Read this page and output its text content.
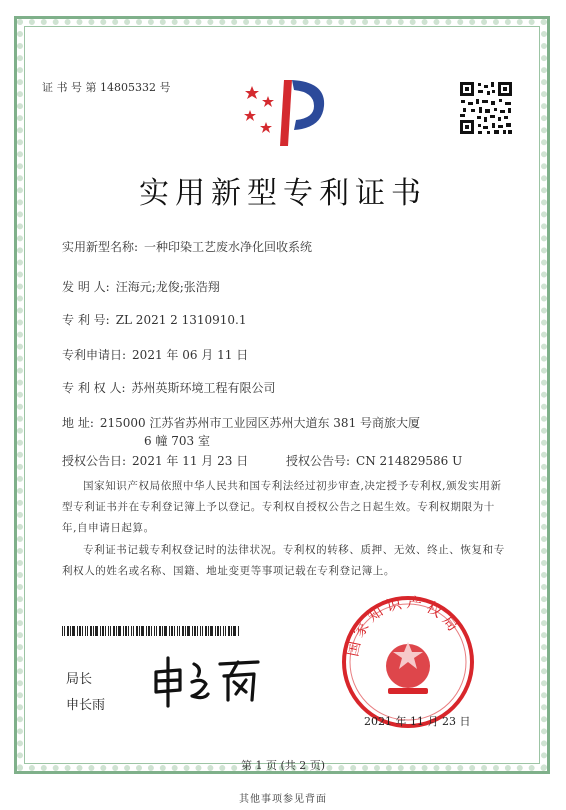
证 书 号 第 14805332 号
实用新型专利证书
实用新型名称: 一种印染工艺废水净化回收系统
发 明 人: 汪海元;龙俊;张浩翔
专 利 号: ZL 2021 2 1310910.1
专利申请日: 2021 年 06 月 11 日
专 利 权 人: 苏州英斯环境工程有限公司
地 址: 215000 江苏省苏州市工业园区苏州大道东 381 号商旅大厦
6 幢 703 室
授权公告日: 2021 年 11 月 23 日	授权公告号: CN 214829586 U
国家知识产权局依照中华人民共和国专利法经过初步审查,决定授予专利权,颁发实用新型专利证书并在专利登记簿上予以登记。专利权自授权公告之日起生效。专利权期限为十年,自申请日起算。
专利证书记载专利权登记时的法律状况。专利权的转移、质押、无效、终止、恢复和专利权人的姓名或名称、国籍、地址变更等事项记载在专利登记簿上。
局长
申长雨
国家知识产权局
2021 年 11 月 23 日
第 1 页 (共 2 页)
其他事项参见背面
